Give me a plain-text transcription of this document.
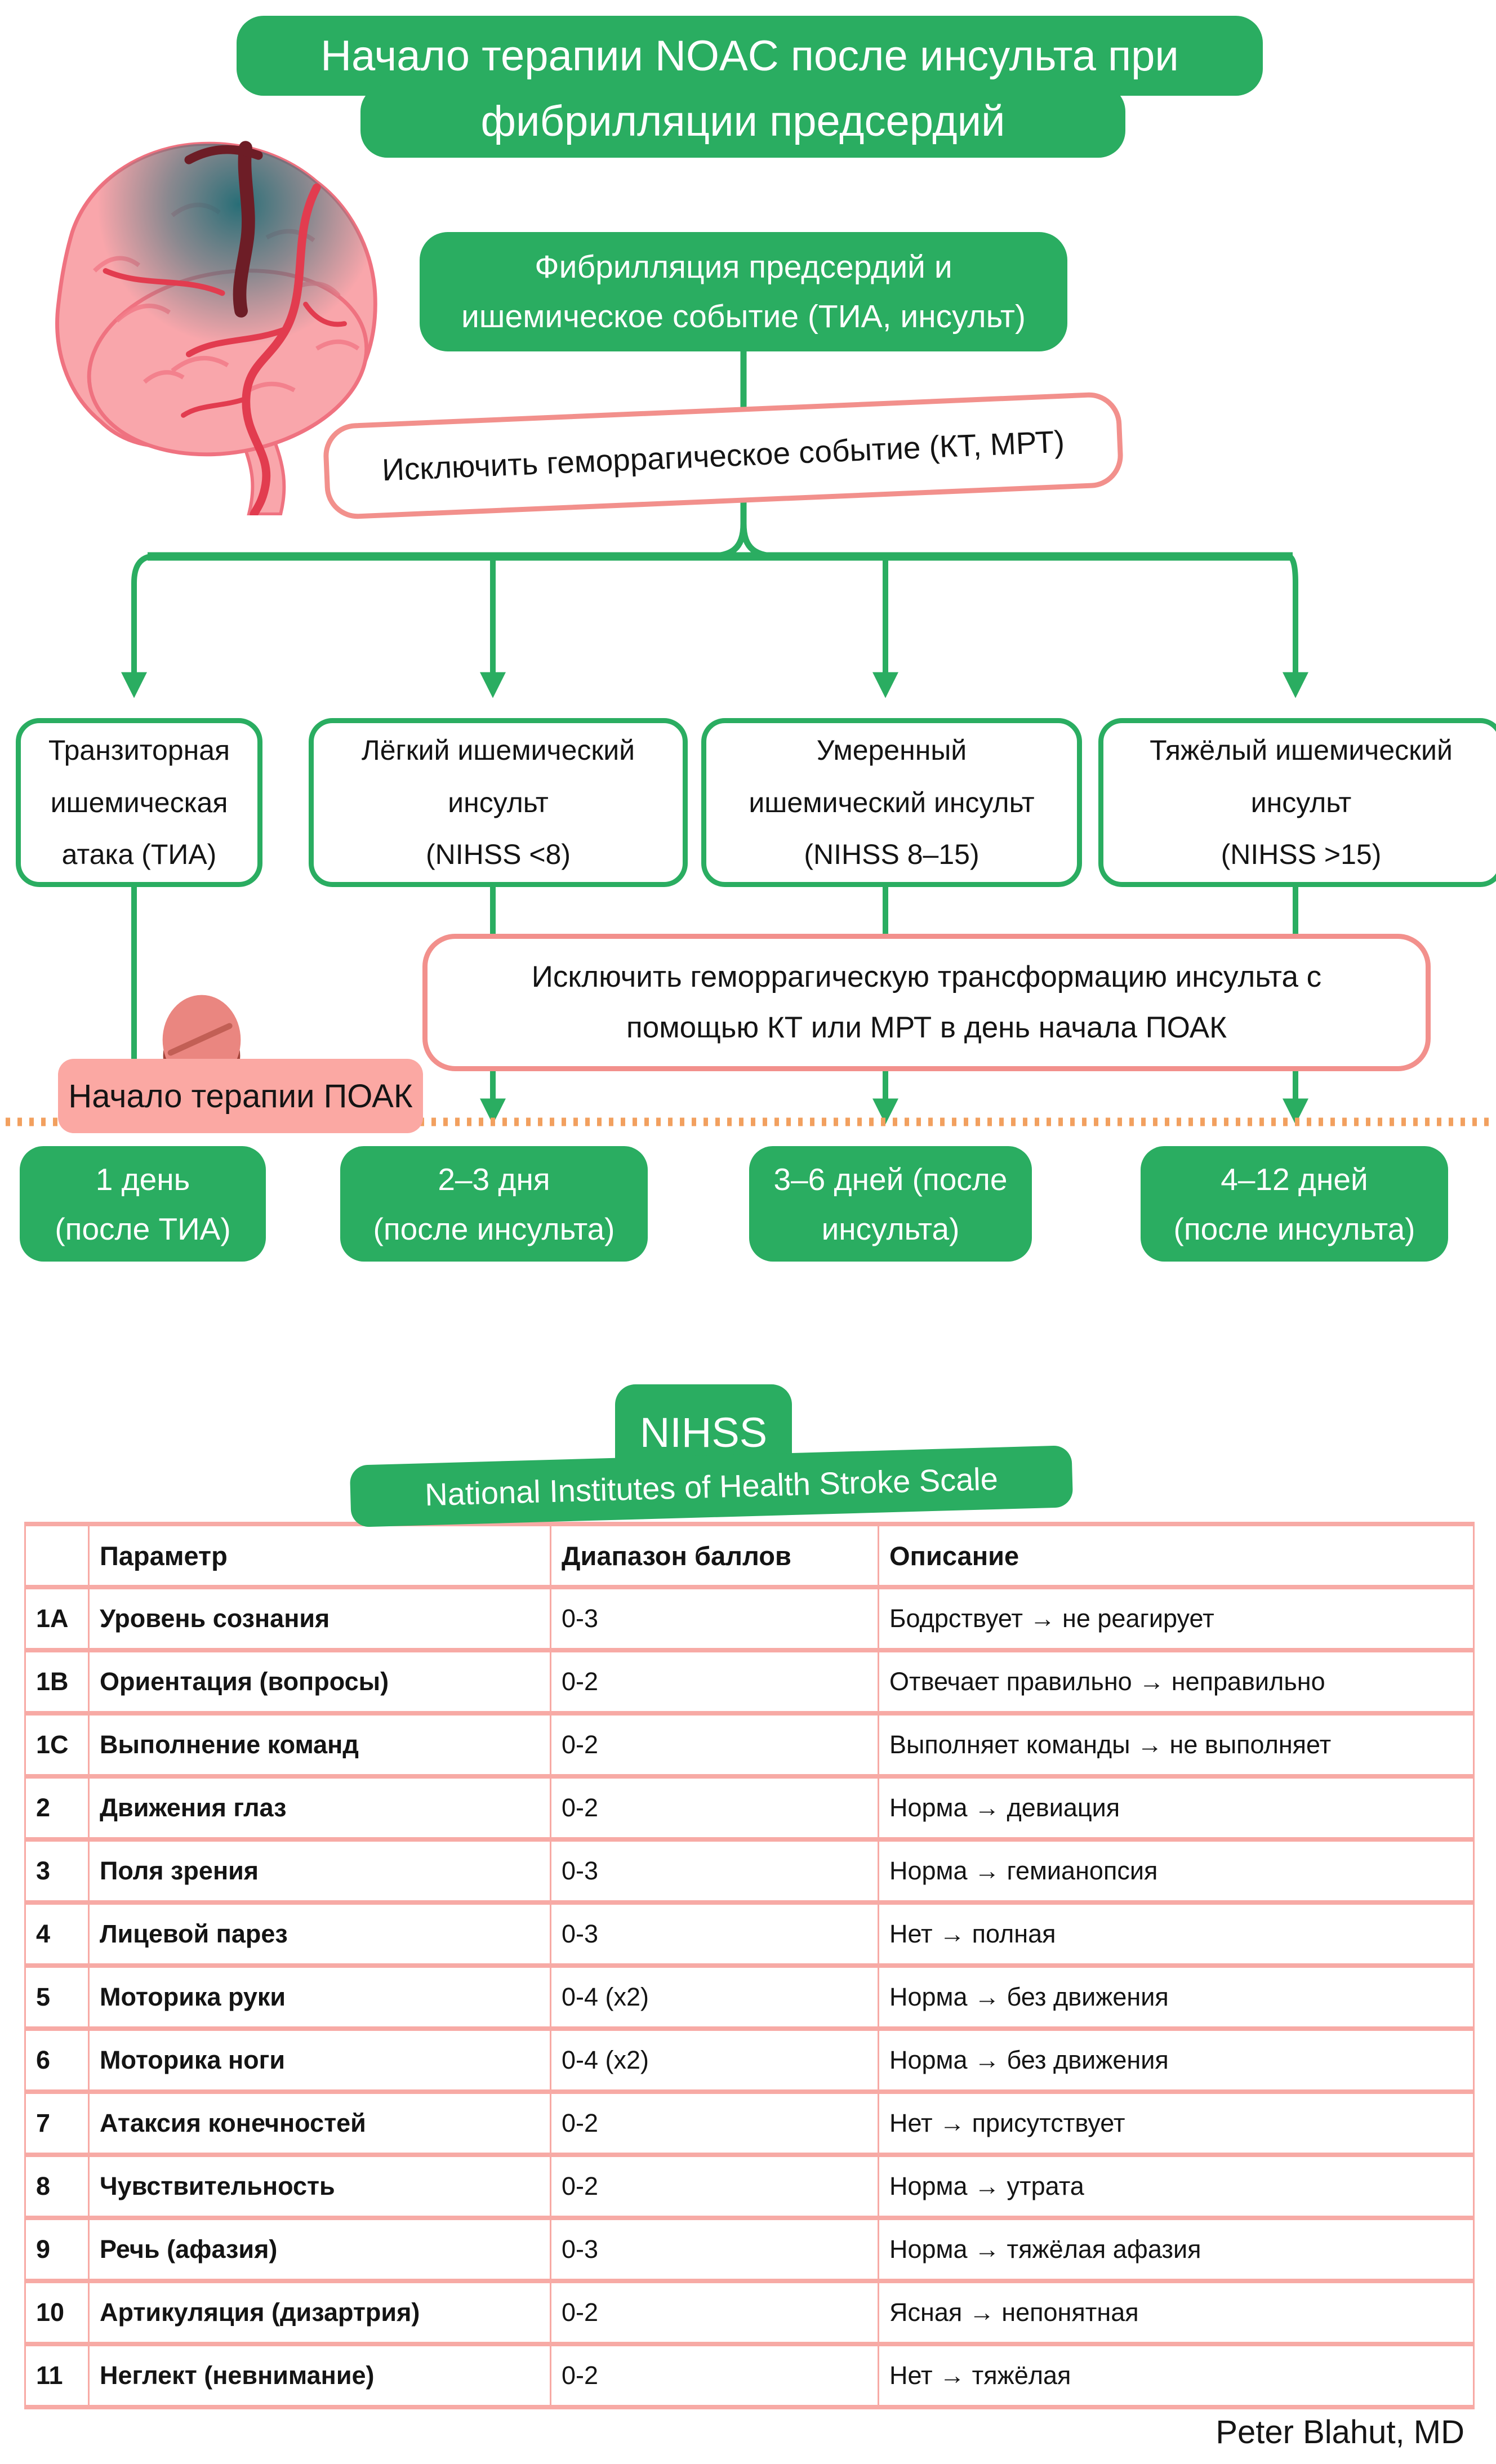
Начало терапии NOAC после инсульта при
фибрилляции предсердий
Фибрилляция предсердий и
ишемическое событие (ТИА, инсульт)
Исключить геморрагическое событие (КТ, МРТ)
Транзиторная
ишемическая
атака (ТИА)
Лёгкий ишемический
инсульт
(NIHSS <8)
Умеренный
ишемический инсульт
(NIHSS 8–15)
Тяжёлый ишемический
инсульт
(NIHSS >15)
Исключить геморрагическую трансформацию инсульта с
помощью КТ или МРТ в день начала ПОАК
Начало терапии ПОАК
1 день
(после ТИА)
2–3 дня
(после инсульта)
3–6 дней (после
инсульта)
4–12 дней
(после инсульта)
NIHSS
National Institutes of Health Stroke Scale
	Параметр	Диапазон баллов	Описание
1A	Уровень сознания	0-3	Бодрствует → не реагирует
1B	Ориентация (вопросы)	0-2	Отвечает правильно → неправильно
1C	Выполнение команд	0-2	Выполняет команды → не выполняет
2	Движения глаз	0-2	Норма → девиация
3	Поля зрения	0-3	Норма → гемианопсия
4	Лицевой парез	0-3	Нет → полная
5	Моторика руки	0-4 (x2)	Норма → без движения
6	Моторика ноги	0-4 (x2)	Норма → без движения
7	Атаксия конечностей	0-2	Нет → присутствует
8	Чувствительность	0-2	Норма → утрата
9	Речь (афазия)	0-3	Норма → тяжёлая афазия
10	Артикуляция (дизартрия)	0-2	Ясная → непонятная
11	Неглект (невнимание)	0-2	Нет → тяжёлая
Peter Blahut, MD
